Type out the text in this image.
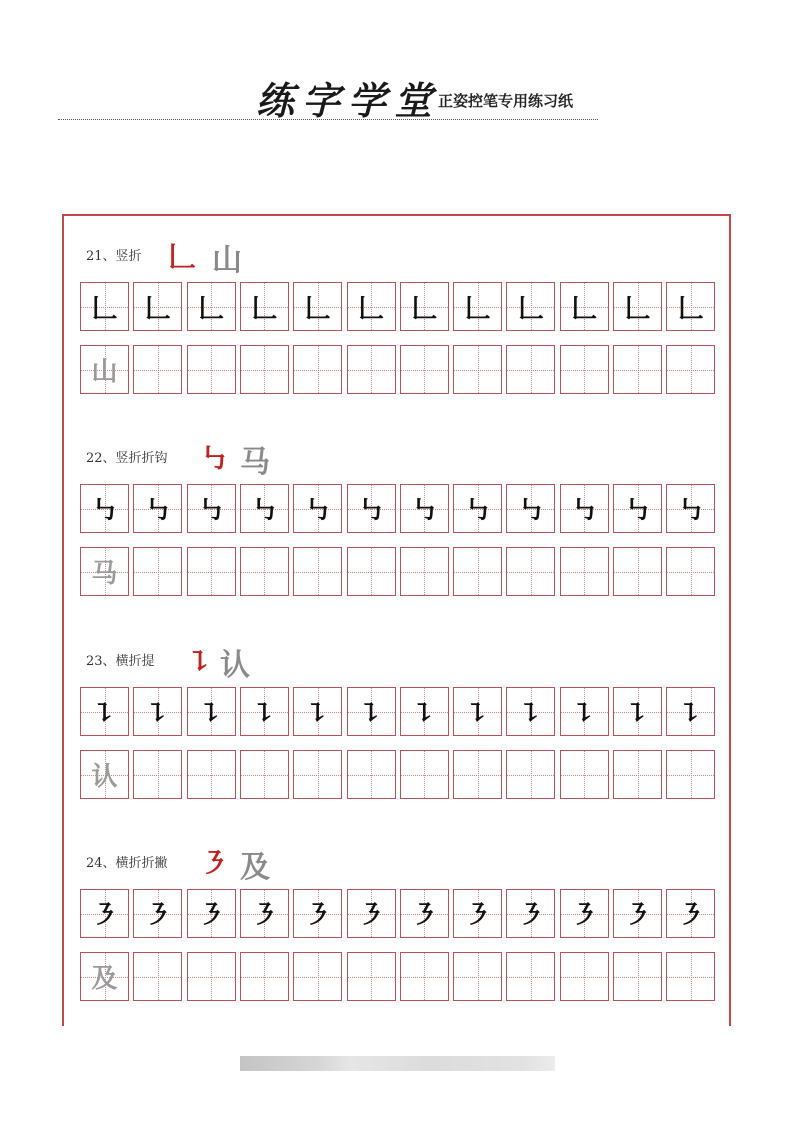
练字学堂
正姿控笔专用练习纸
21、竖折 𠃊 山
𠃊	𠃊	𠃊	𠃊	𠃊	𠃊	𠃊	𠃊	𠃊	𠃊	𠃊	𠃊
山
22、竖折折钩 ㇉ 马
㇉	㇉	㇉	㇉	㇉	㇉	㇉	㇉	㇉	㇉	㇉	㇉
马
23、横折提 ㇊ 认
㇊	㇊	㇊	㇊	㇊	㇊	㇊	㇊	㇊	㇊	㇊	㇊
认
24、横折折撇 ㇋ 及
㇋	㇋	㇋	㇋	㇋	㇋	㇋	㇋	㇋	㇋	㇋	㇋
及
